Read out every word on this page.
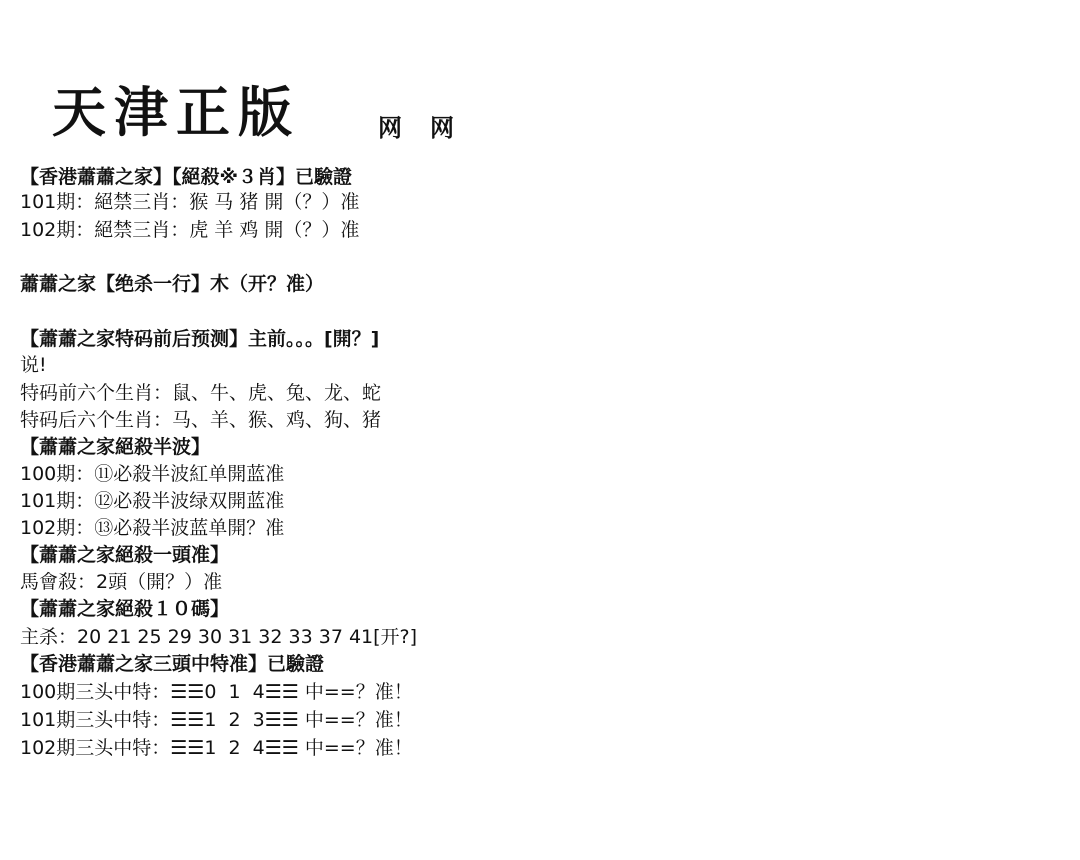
天津正版	网网
【香港蕭蕭之家】【絕殺※３肖】已驗證
101期：絕禁三肖：猴 马 猪 開（？）准
102期：絕禁三肖：虎 羊 鸡 開（？）准
蕭蕭之家【绝杀一行】木（开？准）
【蕭蕭之家特码前后预测】主前。。。[開？]
说!
特码前六个生肖：鼠、牛、虎、兔、龙、蛇
特码后六个生肖：马、羊、猴、鸡、狗、猪
【蕭蕭之家絕殺半波】
100期：⑪必殺半波紅单開蓝准
101期：⑫必殺半波绿双開蓝准
102期：⑬必殺半波蓝单開？准
【蕭蕭之家絕殺一頭准】
馬會殺：2頭（開？）准
【蕭蕭之家絕殺１０碼】
主杀：20 21 25 29 30 31 32 33 37 41[开?]
【香港蕭蕭之家三頭中特准】已驗證
100期三头中特：☰☰0  1  4☰☰ 中==？准！
101期三头中特：☰☰1  2  3☰☰ 中==？准！
102期三头中特：☰☰1  2  4☰☰ 中==？准！
